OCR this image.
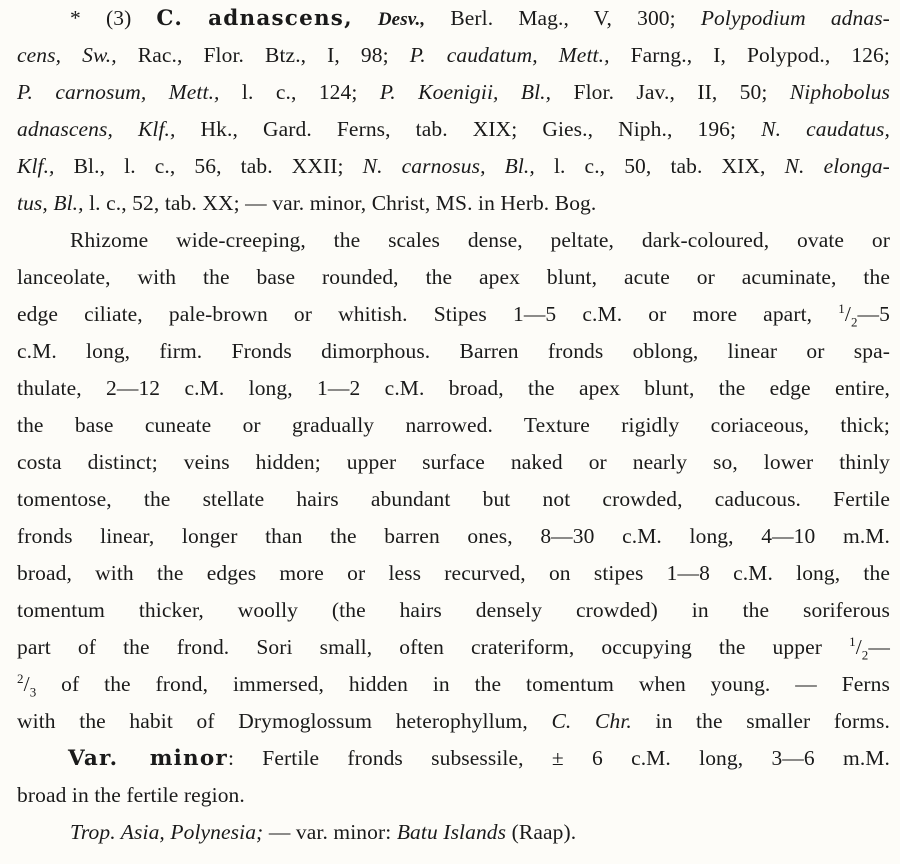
* (3) C. adnascens, Desv., Berl. Mag., V, 300; Polypodium adnas-
cens, Sw., Rac., Flor. Btz., I, 98; P. caudatum, Mett., Farng., I, Polypod., 126;
P. carnosum, Mett., l. c., 124; P. Koenigii, Bl., Flor. Jav., II, 50; Niphobolus
adnascens, Klf., Hk., Gard. Ferns, tab. XIX; Gies., Niph., 196; N. caudatus,
Klf., Bl., l. c., 56, tab. XXII; N. carnosus, Bl., l. c., 50, tab. XIX, N. elonga-
tus, Bl., l. c., 52, tab. XX; — var. minor, Christ, MS. in Herb. Bog.
Rhizome wide-creeping, the scales dense, peltate, dark-coloured, ovate or
lanceolate, with the base rounded, the apex blunt, acute or acuminate, the
edge ciliate, pale-brown or whitish. Stipes 1—5 c.M. or more apart, $^1/_2—5$
c.M. long, firm. Fronds dimorphous. Barren fronds oblong, linear or spa-
thulate, 2—12 c.M. long, 1—2 c.M. broad, the apex blunt, the edge entire,
the base cuneate or gradually narrowed. Texture rigidly coriaceous, thick;
costa distinct; veins hidden; upper surface naked or nearly so, lower thinly
tomentose, the stellate hairs abundant but not crowded, caducous. Fertile
fronds linear, longer than the barren ones, 8—30 c.M. long, 4—10 m.M.
broad, with the edges more or less recurved, on stipes 1—8 c.M. long, the
tomentum thicker, woolly (the hairs densely crowded) in the soriferous
part of the frond. Sori small, often crateriform, occupying the upper $^1/_2—$
$^2/_3$ of the frond, immersed, hidden in the tomentum when young. — Ferns
with the habit of Drymoglossum heterophyllum, C. Chr. in the smaller forms.
Var. minor: Fertile fronds subsessile, ± 6 c.M. long, 3—6 m.M.
broad in the fertile region.
Trop. Asia, Polynesia; — var. minor: Batu Islands (Raap).
